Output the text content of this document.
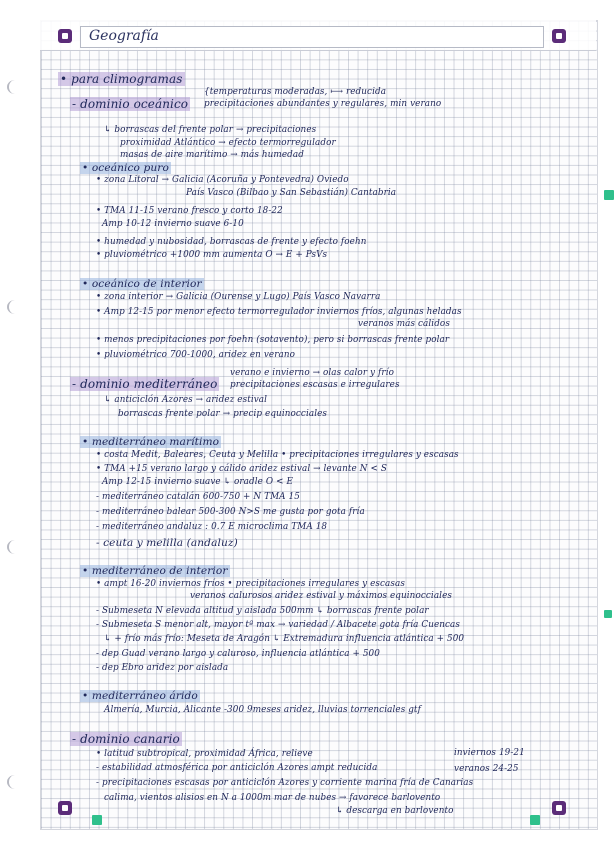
Geografía
• para climogramas
{temperaturas moderadas, ⟼ reducida
- dominio oceánico precipitaciones abundantes y regulares, min verano
↳ borrascas del frente polar → precipitaciones
proximidad Atlántico → efecto termorregulador
masas de aire marítimo → más humedad
• oceánico puro
• zona Litoral → Galicia (Acoruña y Pontevedra) Oviedo
País Vasco (Bilbao y San Sebastián) Cantabria
• TMA 11-15 verano fresco y corto 18-22
Amp 10-12 invierno suave 6-10
• humedad y nubosidad, borrascas de frente y efecto foehn
• pluviométrico +1000 mm aumenta O → E + PsVs
• oceánico de interior
• zona interior → Galicia (Ourense y Lugo) País Vasco Navarra
• Amp 12-15 por menor efecto termorregulador inviernos fríos, algunas heladas
veranos más cálidos
• menos precipitaciones por foehn (sotavento), pero si borrascas frente polar
• pluviométrico 700-1000, aridez en verano
verano e invierno → olas calor y frío
- dominio mediterráneo precipitaciones escasas e irregulares
↳ anticiclón Azores → aridez estival
borrascas frente polar → precip equinocciales
• mediterráneo marítimo
• costa Medit, Baleares, Ceuta y Melilla • precipitaciones irregulares y escasas
• TMA +15 verano largo y cálido aridez estival → levante N < S
Amp 12-15 invierno suave ↳ oradle O < E
- mediterráneo catalán 600-750 + N TMA 15
- mediterráneo balear 500-300 N>S me gusta por gota fría
- mediterráneo andaluz : 0.7 E microclima TMA 18
- ceuta y melilla (andaluz)
• mediterráneo de interior
• ampt 16-20 inviernos fríos • precipitaciones irregulares y escasas
veranos calurosos aridez estival y máximos equinocciales
- Submeseta N elevada altitud y aislada 500mm ↳ borrascas frente polar
- Submeseta S menor alt, mayor tª max → variedad / Albacete gota fría Cuencas
↳ + frío más frío: Meseta de Aragón ↳ Extremadura influencia atlántica + 500
- dep Guad verano largo y caluroso, influencia atlántica + 500
- dep Ebro aridez por aislada
• mediterráneo árido
Almería, Murcia, Alicante -300 9meses aridez, lluvias torrenciales gtf
- dominio canario
inviernos 19-21
• latitud subtropical, proximidad África, relieve
- estabilidad atmosférica por anticiclón Azores ampt reducida	veranos 24-25
- precipitaciones escasas por anticiclón Azores y corriente marina fría de Canarias
calima, vientos alisios en N a 1000m mar de nubes → favorece barlovento
↳ descarga en barlovento
